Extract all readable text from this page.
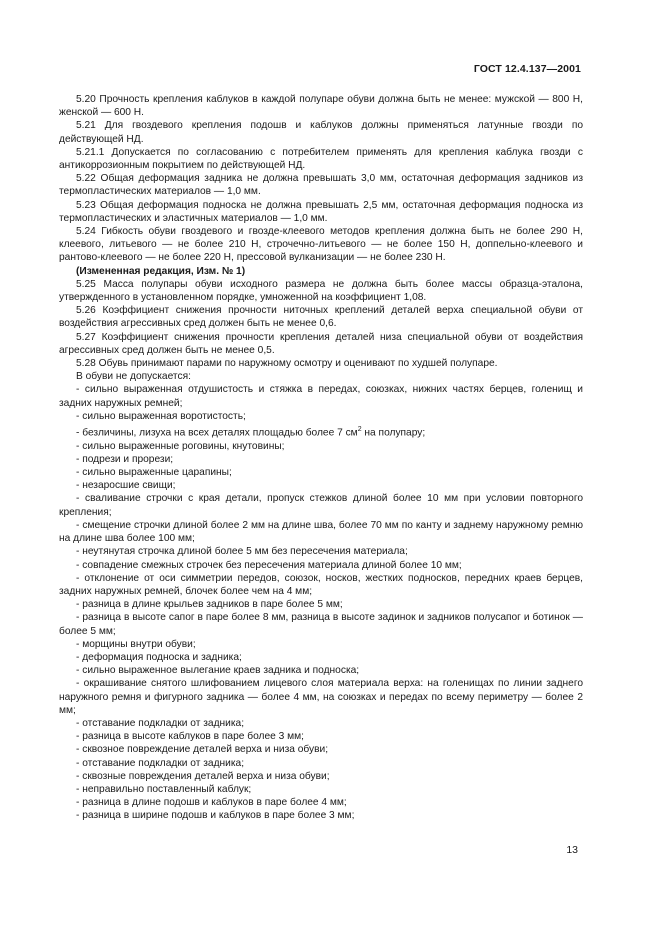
ГОСТ 12.4.137—2001

5.20 Прочность крепления каблуков в каждой полупаре обуви должна быть не менее: мужской — 800 Н, женской — 600 Н.

5.21 Для гвоздевого крепления подошв и каблуков должны применяться латунные гвозди по действующей НД.

5.21.1 Допускается по согласованию с потребителем применять для крепления каблука гвозди с антикоррозионным покрытием по действующей НД.

5.22 Общая деформация задника не должна превышать 3,0 мм, остаточная деформация задников из термопластических материалов — 1,0 мм.

5.23 Общая деформация подноска не должна превышать 2,5 мм, остаточная деформация подноска из термопластических и эластичных материалов — 1,0 мм.

5.24 Гибкость обуви гвоздевого и гвозде-клеевого методов крепления должна быть не более 290 Н, клеевого, литьевого — не более 210 Н, строчечно-литьевого — не более 150 Н, доппельно-клеевого и рантово-клеевого — не более 220 Н, прессовой вулканизации — не более 230 Н.

(Измененная редакция, Изм. № 1)

5.25 Масса полупары обуви исходного размера не должна быть более массы образца-эталона, утвержденного в установленном порядке, умноженной на коэффициент 1,08.

5.26 Коэффициент снижения прочности ниточных креплений деталей верха специальной обуви от воздействия агрессивных сред должен быть не менее 0,6.

5.27 Коэффициент снижения прочности крепления деталей низа специальной обуви от воздействия агрессивных сред должен быть не менее 0,5.

5.28 Обувь принимают парами по наружному осмотру и оценивают по худшей полупаре.

В обуви не допускается:

- сильно выраженная отдушистость и стяжка в передах, союзках, нижних частях берцев, голенищ и задних наружных ремней;

- сильно выраженная воротистость;

- безличины, лизуха на всех деталях площадью более 7 $см^2$ на полупару;

- сильно выраженные роговины, кнутовины;

- подрези и прорези;

- сильно выраженные царапины;

- незаросшие свищи;

- сваливание строчки с края детали, пропуск стежков длиной более 10 мм при условии повторного крепления;

- смещение строчки длиной более 2 мм на длине шва, более 70 мм по канту и заднему наружному ремню на длине шва более 100 мм;

- неутянутая строчка длиной более 5 мм без пересечения материала;

- совпадение смежных строчек без пересечения материала длиной более 10 мм;

- отклонение от оси симметрии передов, союзок, носков, жестких подносков, передних краев берцев, задних наружных ремней, блочек более чем на 4 мм;

- разница в длине крыльев задников в паре более 5 мм;

- разница в высоте сапог в паре более 8 мм, разница в высоте задинок и задников полусапог и ботинок — более 5 мм;

- морщины внутри обуви;

- деформация подноска и задника;

- сильно выраженное вылегание краев задника и подноска;

- окрашивание снятого шлифованием лицевого слоя материала верха: на голенищах по линии заднего наружного ремня и фигурного задника — более 4 мм, на союзках и передах по всему периметру — более 2 мм;

- отставание подкладки от задника;

- разница в высоте каблуков в паре более 3 мм;

- сквозное повреждение деталей верха и низа обуви;

- отставание подкладки от задника;

- сквозные повреждения деталей верха и низа обуви;

- неправильно поставленный каблук;

- разница в длине подошв и каблуков в паре более 4 мм;

- разница в ширине подошв и каблуков в паре более 3 мм;

13
